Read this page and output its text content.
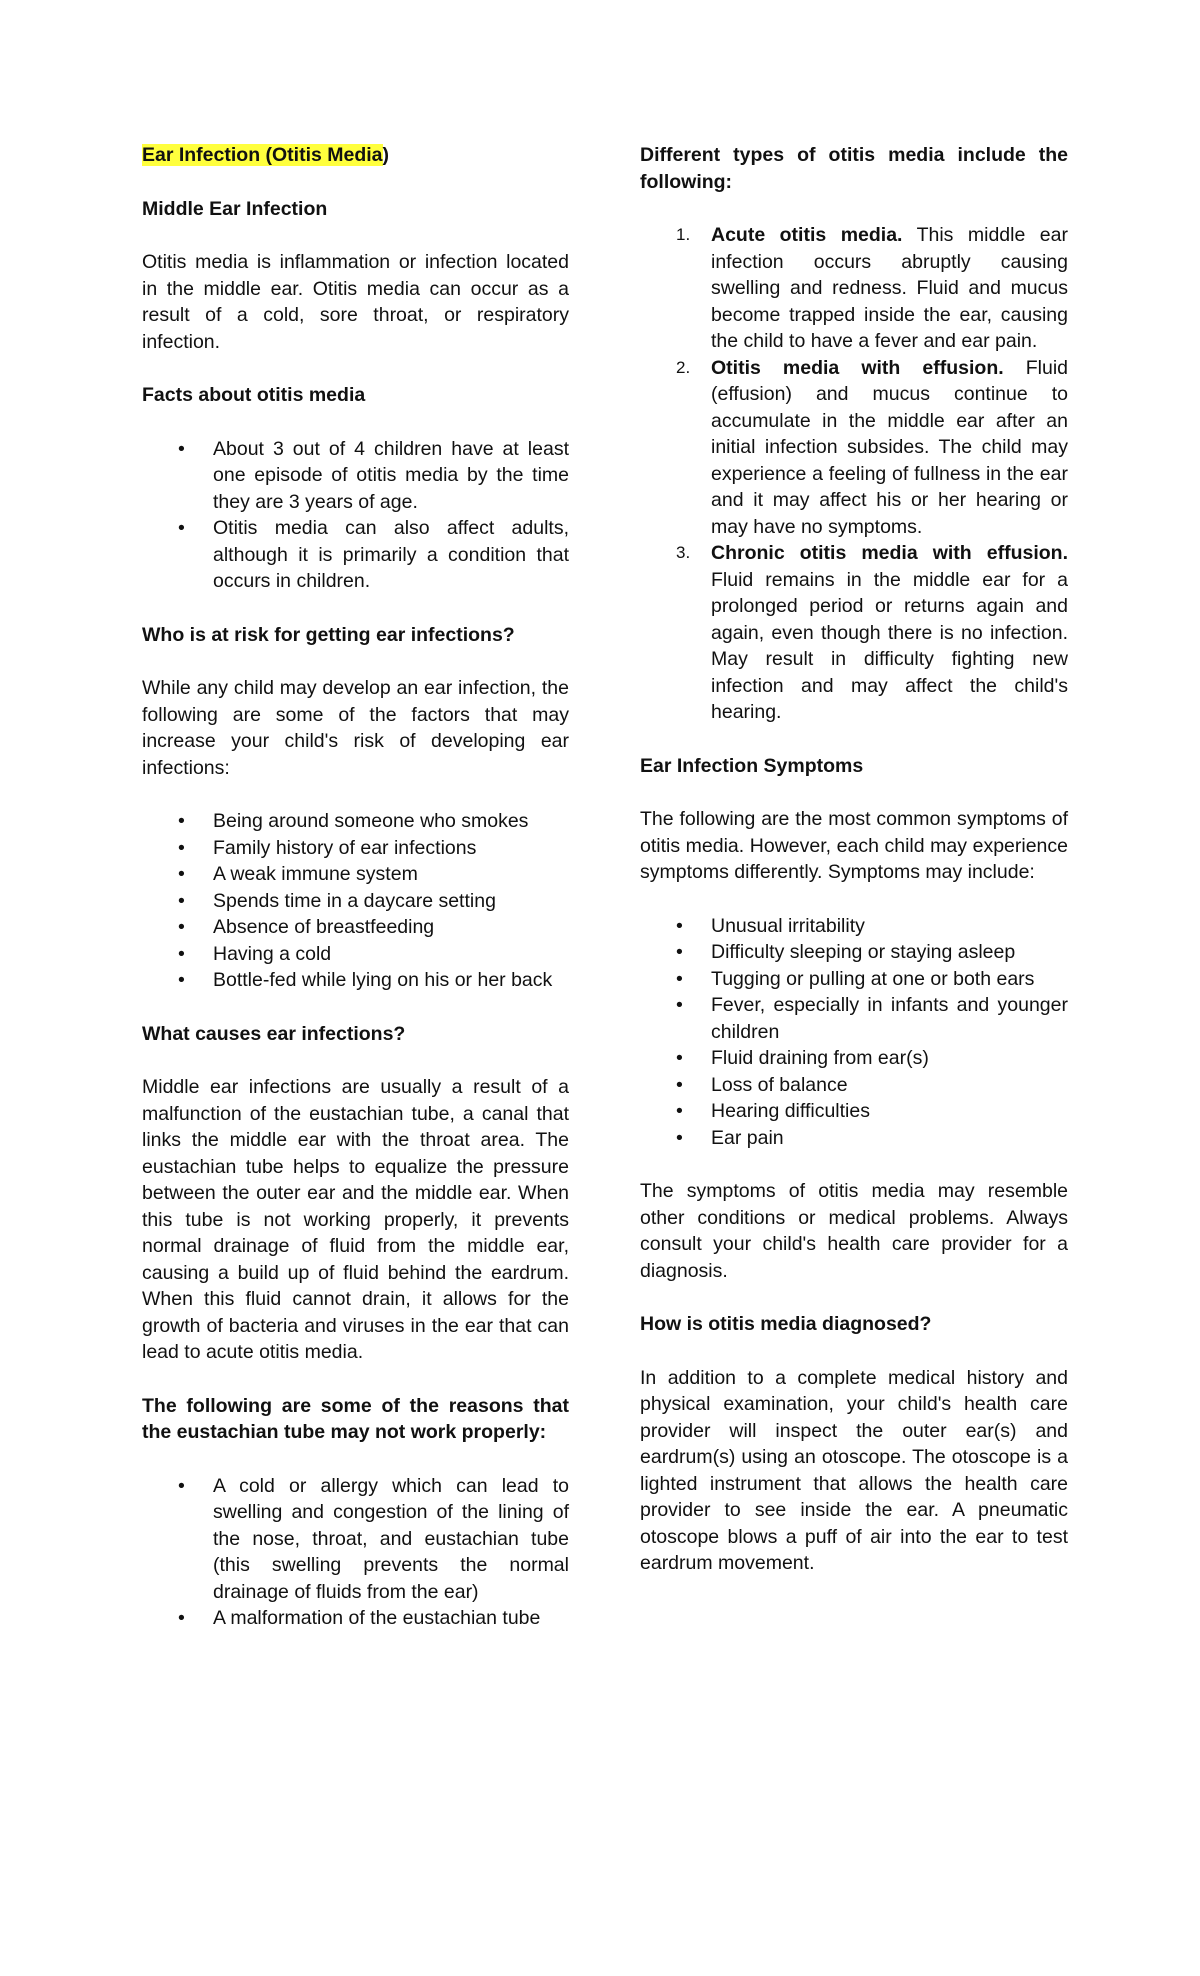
Ear Infection (Otitis Media)

Middle Ear Infection

Otitis media is inflammation or infection located in the middle ear. Otitis media can occur as a result of a cold, sore throat, or respiratory infection.

Facts about otitis media

• About 3 out of 4 children have at least one episode of otitis media by the time they are 3 years of age.
• Otitis media can also affect adults, although it is primarily a condition that occurs in children.

Who is at risk for getting ear infections?

While any child may develop an ear infection, the following are some of the factors that may increase your child's risk of developing ear infections:

• Being around someone who smokes
• Family history of ear infections
• A weak immune system
• Spends time in a daycare setting
• Absence of breastfeeding
• Having a cold
• Bottle-fed while lying on his or her back

What causes ear infections?

Middle ear infections are usually a result of a malfunction of the eustachian tube, a canal that links the middle ear with the throat area. The eustachian tube helps to equalize the pressure between the outer ear and the middle ear. When this tube is not working properly, it prevents normal drainage of fluid from the middle ear, causing a build up of fluid behind the eardrum. When this fluid cannot drain, it allows for the growth of bacteria and viruses in the ear that can lead to acute otitis media.

The following are some of the reasons that the eustachian tube may not work properly:

• A cold or allergy which can lead to swelling and congestion of the lining of the nose, throat, and eustachian tube (this swelling prevents the normal drainage of fluids from the ear)
• A malformation of the eustachian tube

Different types of otitis media include the following:

1. Acute otitis media. This middle ear infection occurs abruptly causing swelling and redness. Fluid and mucus become trapped inside the ear, causing the child to have a fever and ear pain.
2. Otitis media with effusion. Fluid (effusion) and mucus continue to accumulate in the middle ear after an initial infection subsides. The child may experience a feeling of fullness in the ear and it may affect his or her hearing or may have no symptoms.
3. Chronic otitis media with effusion. Fluid remains in the middle ear for a prolonged period or returns again and again, even though there is no infection. May result in difficulty fighting new infection and may affect the child's hearing.

Ear Infection Symptoms

The following are the most common symptoms of otitis media. However, each child may experience symptoms differently. Symptoms may include:

• Unusual irritability
• Difficulty sleeping or staying asleep
• Tugging or pulling at one or both ears
• Fever, especially in infants and younger children
• Fluid draining from ear(s)
• Loss of balance
• Hearing difficulties
• Ear pain

The symptoms of otitis media may resemble other conditions or medical problems. Always consult your child's health care provider for a diagnosis.

How is otitis media diagnosed?

In addition to a complete medical history and physical examination, your child's health care provider will inspect the outer ear(s) and eardrum(s) using an otoscope. The otoscope is a lighted instrument that allows the health care provider to see inside the ear. A pneumatic otoscope blows a puff of air into the ear to test eardrum movement.
